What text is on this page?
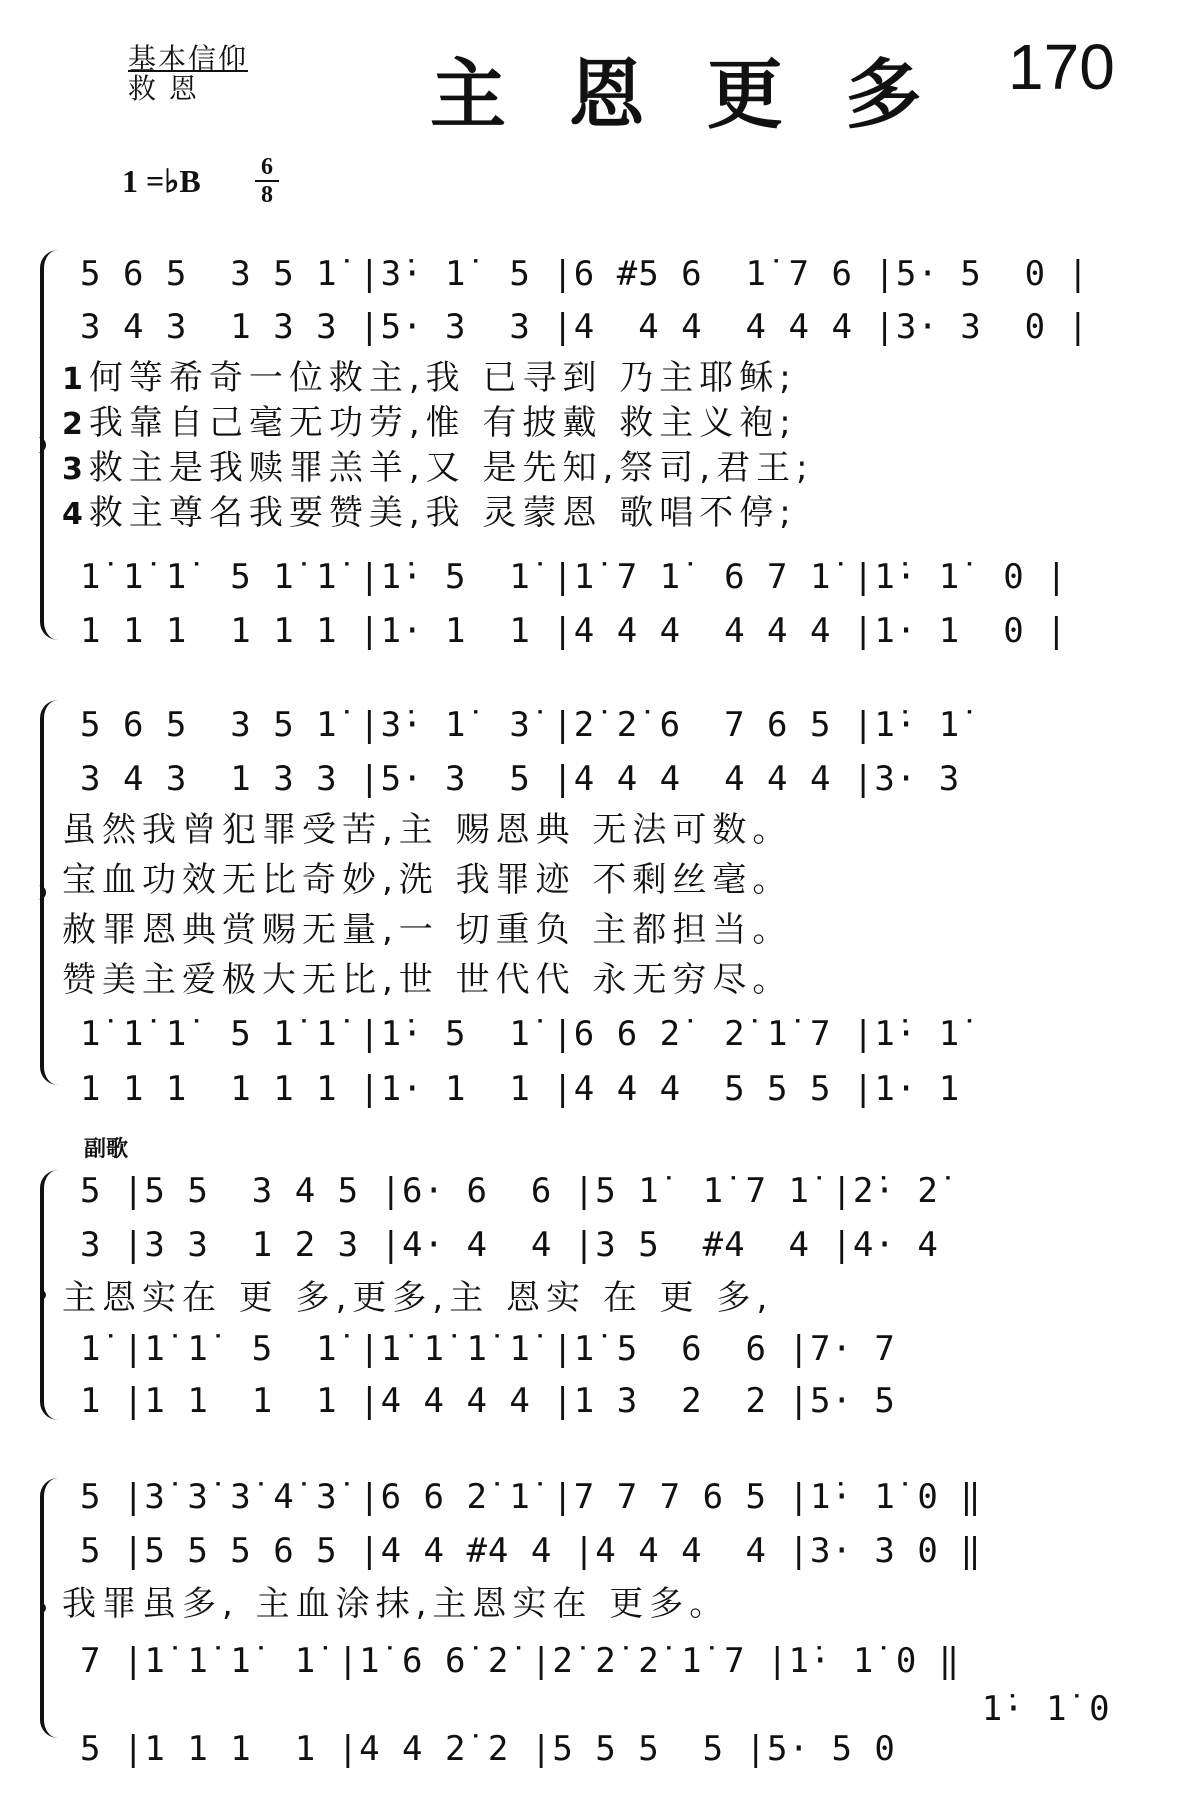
基本信仰
救 恩	主 恩 更 多 170
1 =♭B	6
8
5 6 5  3 5 1̇ |3̇· 1̇  5 |6 #5 6  1̇ 7 6 |5· 5  0 |
3 4 3  1 3 3 |5· 3  3 |4  4 4  4 4 4 |3· 3  0 |
1 何等希奇一位救主,我 已寻到 乃主耶稣;
2 我靠自己毫无功劳,惟 有披戴 救主义袍;
3 救主是我赎罪羔羊,又 是先知,祭司,君王;
4 救主尊名我要赞美,我 灵蒙恩 歌唱不停;
1̇ 1̇ 1̇  5 1̇ 1̇ |1̇· 5  1̇ |1̇ 7 1̇  6 7 1̇ |1̇· 1̇  0 |
1 1 1  1 1 1 |1· 1  1 |4 4 4  4 4 4 |1· 1  0 |
5 6 5  3 5 1̇ |3̇· 1̇  3̇ |2̇ 2̇ 6  7 6 5 |1̇· 1̇
3 4 3  1 3 3 |5· 3  5 |4 4 4  4 4 4 |3· 3
虽然我曾犯罪受苦,主 赐恩典 无法可数。
宝血功效无比奇妙,洗 我罪迹 不剩丝毫。
赦罪恩典赏赐无量,一 切重负 主都担当。
赞美主爱极大无比,世 世代代 永无穷尽。
1̇ 1̇ 1̇  5 1̇ 1̇ |1̇· 5  1̇ |6 6 2̇  2̇ 1̇ 7 |1̇· 1̇
1 1 1  1 1 1 |1· 1  1 |4 4 4  5 5 5 |1· 1
副歌
5 |5 5  3 4 5 |6· 6  6 |5 1̇  1̇ 7 1̇ |2̇· 2̇
3 |3 3  1 2 3 |4· 4  4 |3 5  #4  4 |4· 4
主恩实在 更 多,更多,主 恩实 在 更 多,
1̇ |1̇ 1̇  5  1̇ |1̇ 1̇ 1̇ 1̇ |1̇ 5  6  6 |7· 7
1 |1 1  1  1 |4 4 4 4 |1 3  2  2 |5· 5
5 |3̇ 3̇ 3̇ 4̇ 3̇ |6 6 2̇ 1̇ |7 7 7 6 5 |1̇· 1̇ 0 ‖
5 |5 5 5 6 5 |4 4 #4 4 |4 4 4  4 |3· 3 0 ‖
我罪虽多, 主血涂抹,主恩实在 更多。
7 |1̇ 1̇ 1̇  1̇ |1̇ 6 6̇ 2̇ |2̇ 2̇ 2̇ 1̇ 7 |1̇· 1̇ 0 ‖
1̇· 1̇ 0
5 |1 1 1  1 |4 4 2̇ 2 |5 5 5  5 |5· 5 0
